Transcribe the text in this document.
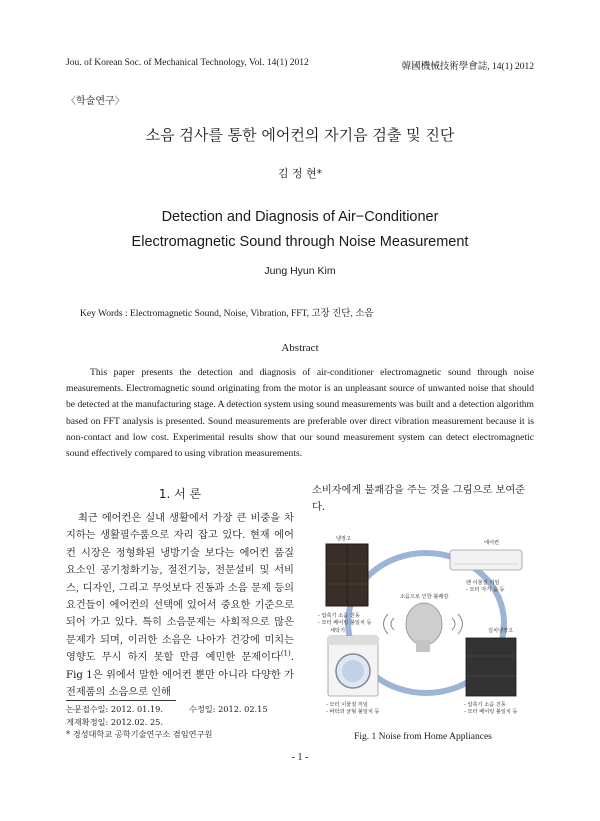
Jou. of Korean Soc. of Mechanical Technology, Vol. 14(1) 2012	韓國機械技術學會誌, 14(1) 2012
〈학술연구〉
소음 검사를 통한 에어컨의 자기음 검출 및 진단
김 정 현*
Detection and Diagnosis of Air−Conditioner
Electromagnetic Sound through Noise Measurement
Jung Hyun Kim
Key Words : Electromagnetic Sound, Noise, Vibration, FFT, 고장 진단, 소음
Abstract

This paper presents the detection and diagnosis of air-conditioner electromagnetic sound through noise measurements. Electromagnetic sound originating from the motor is an unpleasant source of unwanted noise that should be detected at the manufacturing stage. A detection system using sound measurements was built and a detection algorithm based on FFT analysis is presented. Sound measurements are preferable over direct vibration measurement because it is non-contact and low cost. Experimental results show that our sound measurement system can detect electromagnetic sound effectively compared to using vibration measurements.

1. 서 론

최근 에어컨은 실내 생활에서 가장 큰 비중을 차지하는 생활필수품으로 자리 잡고 있다. 현재 에어컨 시장은 정형화된 냉방기술 보다는 에어컨 품질 요소인 공기청화기능, 절전기능, 전문설비 및 서비스, 디자인, 그리고 무엇보다 진동과 소음 문제 등의 요건들이 에어컨의 선택에 있어서 중요한 기준으로 되어 가고 있다. 특히 소음문제는 사회적으로 많은 문제가 되며, 이러한 소음은 나아가 건강에 미치는 영향도 무시 하지 못할 만큼 예민한 문제이다$^{(1)}$. Fig 1은 위에서 말한 에어컨 뿐만 아니라 다양한 가전제품의 소음으로 인해

소비자에게 불쾌감을 주는 것을 그림으로 보여준다.

냉장고
- 압축기 소음 진동
- 모터 베어링 불일치 등
에어컨
팬 이물질 끼임
- 모터 자기 음 등
소음으로 인한 불쾌감
세탁기
- 모터 이물질 끼임
- 바닥과 균형 불일치 등
김치냉장고
- 압축기 소음 진동
- 모터 베어링 불일치 등
Fig. 1 Noise from Home Appliances
논문접수일: 2012. 01.19.	수정일: 2012. 02.15
게재확정일: 2012.02. 25.
* 경성대학교 공학기술연구소 겸임연구원
- 1 -
